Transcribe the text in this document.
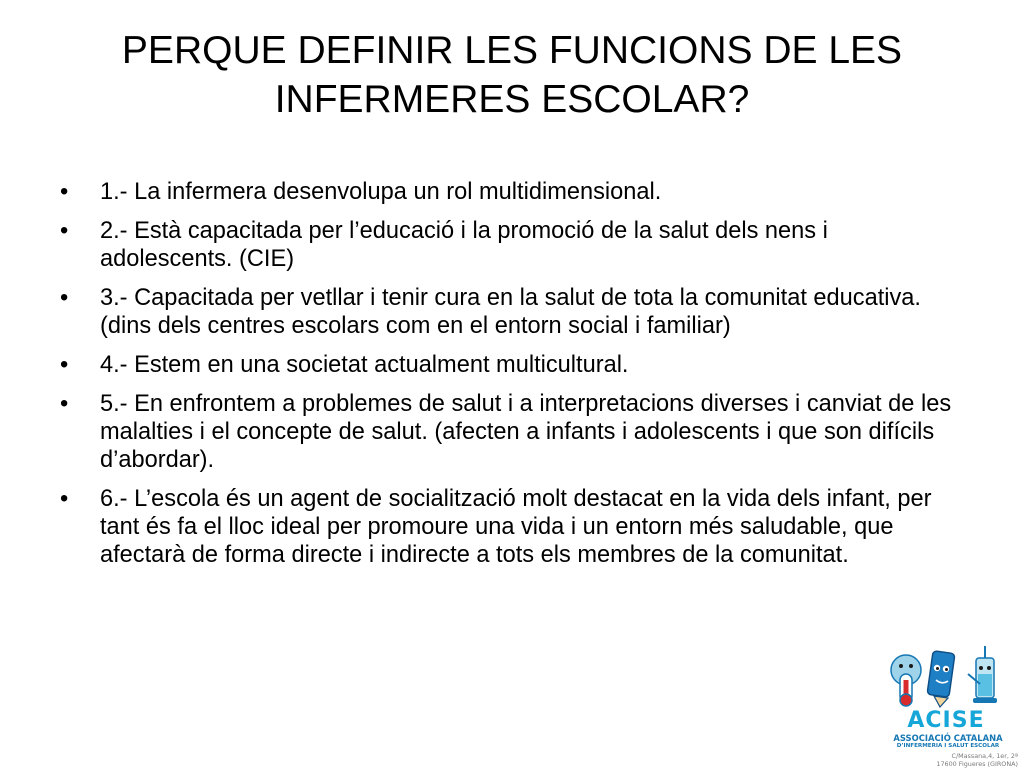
PERQUE DEFINIR LES FUNCIONS DE LES
INFERMERES ESCOLAR?
•	1.- La infermera desenvolupa un rol multidimensional.
•	2.- Està capacitada per l’educació i la promoció de la salut dels nens i adolescents. (CIE)
•	3.- Capacitada per vetllar i tenir cura en la salut de tota la comunitat educativa. (dins dels centres escolars com en el entorn social i familiar)
•	4.- Estem en una societat actualment multicultural.
•	5.- En enfrontem a problemes de salut i a interpretacions diverses i canviat de les malalties i el concepte de salut. (afecten a infants i adolescents i que son difícils d’abordar).
•	6.- L’escola és un agent de socialització molt destacat en la vida dels infant, per tant és fa el lloc ideal per promoure una vida i un entorn més saludable, que afectarà de forma directe i indirecte a tots els membres de la comunitat.
ACISE
ASSOCIACIÓ CATALANA
D’INFERMERIA I SALUT ESCOLAR
C/Massana,4, 1er, 2ª
17600 Figueres (GIRONA)
